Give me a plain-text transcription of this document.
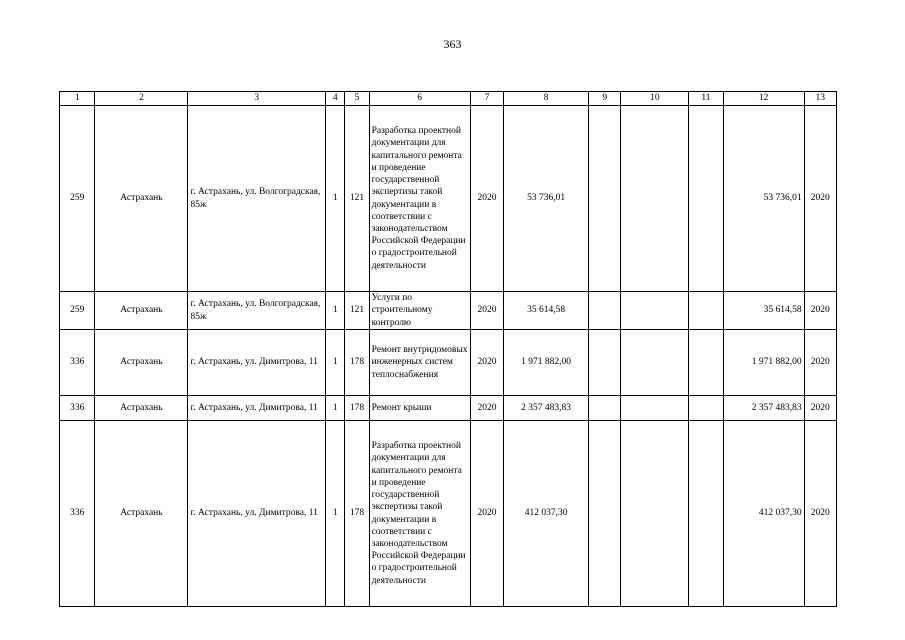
363
1	2	3	4	5	6	7	8	9	10	11	12	13
259	Астрахань	г. Астрахань, ул. Волгоградская, 85ж	1	121	Разработка проектной документации для капитального ремонта и проведение государственной экспертизы такой документации в соответствии с законодательством Российской Федерации о градостроительной деятельности	2020	53 736,01				53 736,01	2020
259	Астрахань	г. Астрахань, ул. Волгоградская, 85ж	1	121	Услуги по строительному контролю	2020	35 614,58				35 614,58	2020
336	Астрахань	г. Астрахань, ул. Димитрова, 11	1	178	Ремонт внутридомовых инженерных систем теплоснабжения	2020	1 971 882,00				1 971 882,00	2020
336	Астрахань	г. Астрахань, ул. Димитрова, 11	1	178	Ремонт крыши	2020	2 357 483,83				2 357 483,83	2020
336	Астрахань	г. Астрахань, ул. Димитрова, 11	1	178	Разработка проектной документации для капитального ремонта и проведение государственной экспертизы такой документации в соответствии с законодательством Российской Федерации о градостроительной деятельности	2020	412 037,30				412 037,30	2020
